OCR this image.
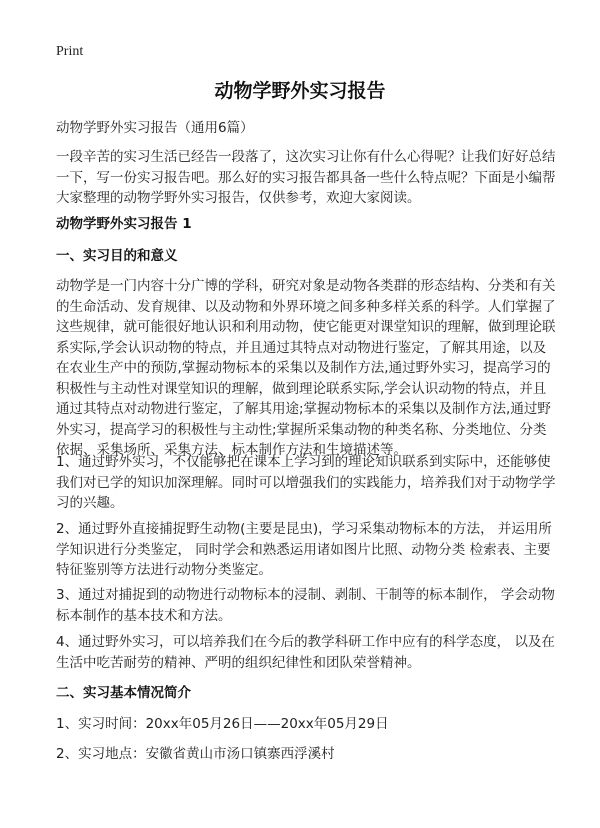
Print
动物学野外实习报告
动物学野外实习报告（通用6篇）
一段辛苦的实习生活已经告一段落了，这次实习让你有什么心得呢？让我们好好总结一下，写一份实习报告吧。那么好的实习报告都具备一些什么特点呢？下面是小编帮大家整理的动物学野外实习报告，仅供参考，欢迎大家阅读。
动物学野外实习报告 1
一、实习目的和意义
动物学是一门内容十分广博的学科，研究对象是动物各类群的形态结构、分类和有关的生命活动、发育规律、以及动物和外界环境之间多种多样关系的科学。人们掌握了这些规律，就可能很好地认识和利用动物，使它能更对课堂知识的理解，做到理论联系实际,学会认识动物的特点，并且通过其特点对动物进行鉴定，了解其用途，以及在农业生产中的预防,掌握动物标本的采集以及制作方法,通过野外实习，提高学习的积极性与主动性对课堂知识的理解，做到理论联系实际,学会认识动物的特点，并且通过其特点对动物进行鉴定，了解其用途;掌握动物标本的采集以及制作方法,通过野外实习，提高学习的积极性与主动性;掌握所采集动物的种类名称、分类地位、分类依据、采集场所、采集方法、标本制作方法和生境描述等。
1、通过野外实习，不仅能够把在课本上学习到的理论知识联系到实际中，还能够使我们对已学的知识加深理解。同时可以增强我们的实践能力，培养我们对于动物学学习的兴趣。
2、通过野外直接捕捉野生动物(主要是昆虫)，学习采集动物标本的方法， 并运用所学知识进行分类鉴定， 同时学会和熟悉运用诸如图片比照、动物分类 检索表、主要特征鉴别等方法进行动物分类鉴定。
3、通过对捕捉到的动物进行动物标本的浸制、剥制、干制等的标本制作， 学会动物标本制作的基本技术和方法。
4、通过野外实习，可以培养我们在今后的教学科研工作中应有的科学态度， 以及在生活中吃苦耐劳的精神、严明的组织纪律性和团队荣誉精神。
二、实习基本情况简介
1、实习时间：20xx年05月26日——20xx年05月29日
2、实习地点：安徽省黄山市汤口镇寨西浮溪村
